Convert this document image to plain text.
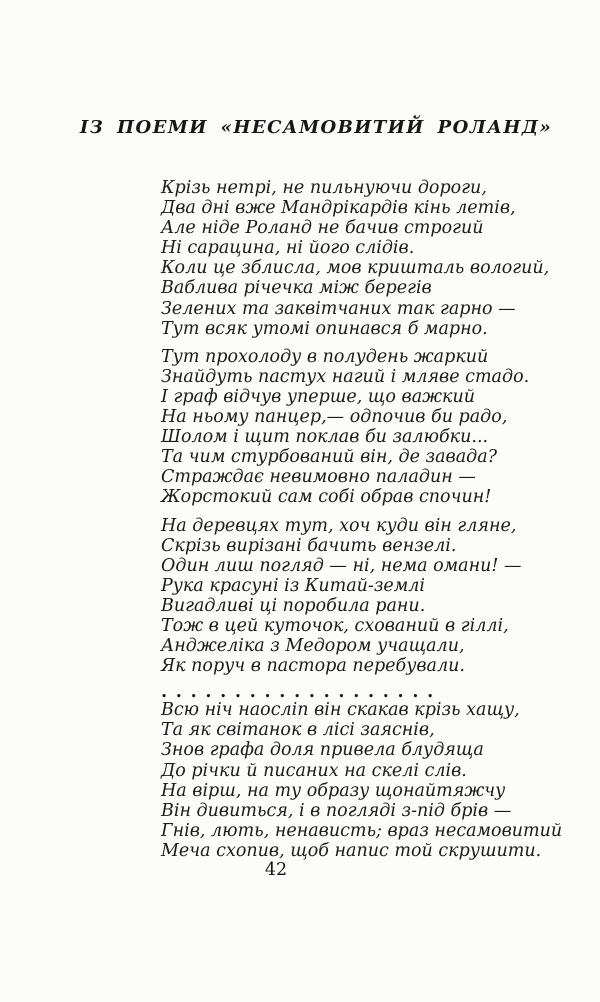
ІЗ ПОЕМИ «НЕСАМОВИТИЙ РОЛАНД»
Крізь нетрі, не пильнуючи дороги,
Два дні вже Мандрікардів кінь летів,
Але ніде Роланд не бачив строгий
Ні сарацина, ні його слідів.
Коли це зблисла, мов кришталь вологий,
Ваблива річечка між берегів
Зелених та заквітчаних так гарно —
Тут всяк утомі опинався б марно.
Тут прохолоду в полудень жаркий
Знайдуть пастух нагий і мляве стадо.
І граф відчув уперше, що важкий
На ньому панцер,— одпочив би радо,
Шолом і щит поклав би залюбки...
Та чим стурбований він, де завада?
Страждає невимовно паладин —
Жорстокий сам собі обрав спочин!
На деревцях тут, хоч куди він гляне,
Скрізь вирізані бачить вензелі.
Один лиш погляд — ні, нема омани! —
Рука красуні із Китай-землі
Вигадливі ці поробила рани.
Тож в цей куточок, схований в гіллі,
Анджеліка з Медором учащали,
Як поруч в пастора перебували.
. . . . . . . . . . . . . . . . . . .
Всю ніч наосліп він скакав крізь хащу,
Та як світанок в лісі заяснів,
Знов графа доля привела блудяща
До річки й писаних на скелі слів.
На вірш, на ту образу щонайтяжчу
Він дивиться, і в погляді з-під брів —
Гнів, лють, ненависть; враз несамовитий
Меча схопив, щоб напис той скрушити.
42
